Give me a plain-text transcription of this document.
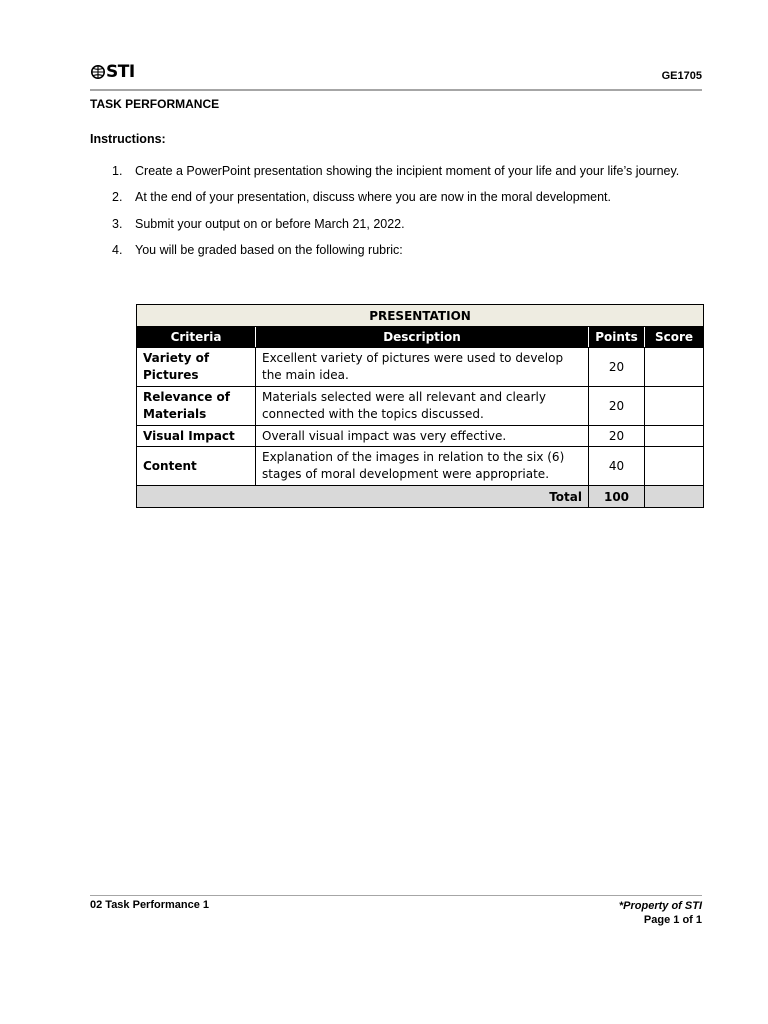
STI	GE1705
TASK PERFORMANCE
Instructions:
1.	Create a PowerPoint presentation showing the incipient moment of your life and your life’s journey.
2.	At the end of your presentation, discuss where you are now in the moral development.
3.	Submit your output on or before March 21, 2022.
4.	You will be graded based on the following rubric:
PRESENTATION			
Criteria	Description	Points	Score
Variety of Pictures	Excellent variety of pictures were used to develop the main idea.	20	
Relevance of Materials	Materials selected were all relevant and clearly connected with the topics discussed.	20	
Visual Impact	Overall visual impact was very effective.	20	
Content	Explanation of the images in relation to the six (6) stages of moral development were appropriate.	40	
Total		100	
02 Task Performance 1	*Property of STI
Page 1 of 1
